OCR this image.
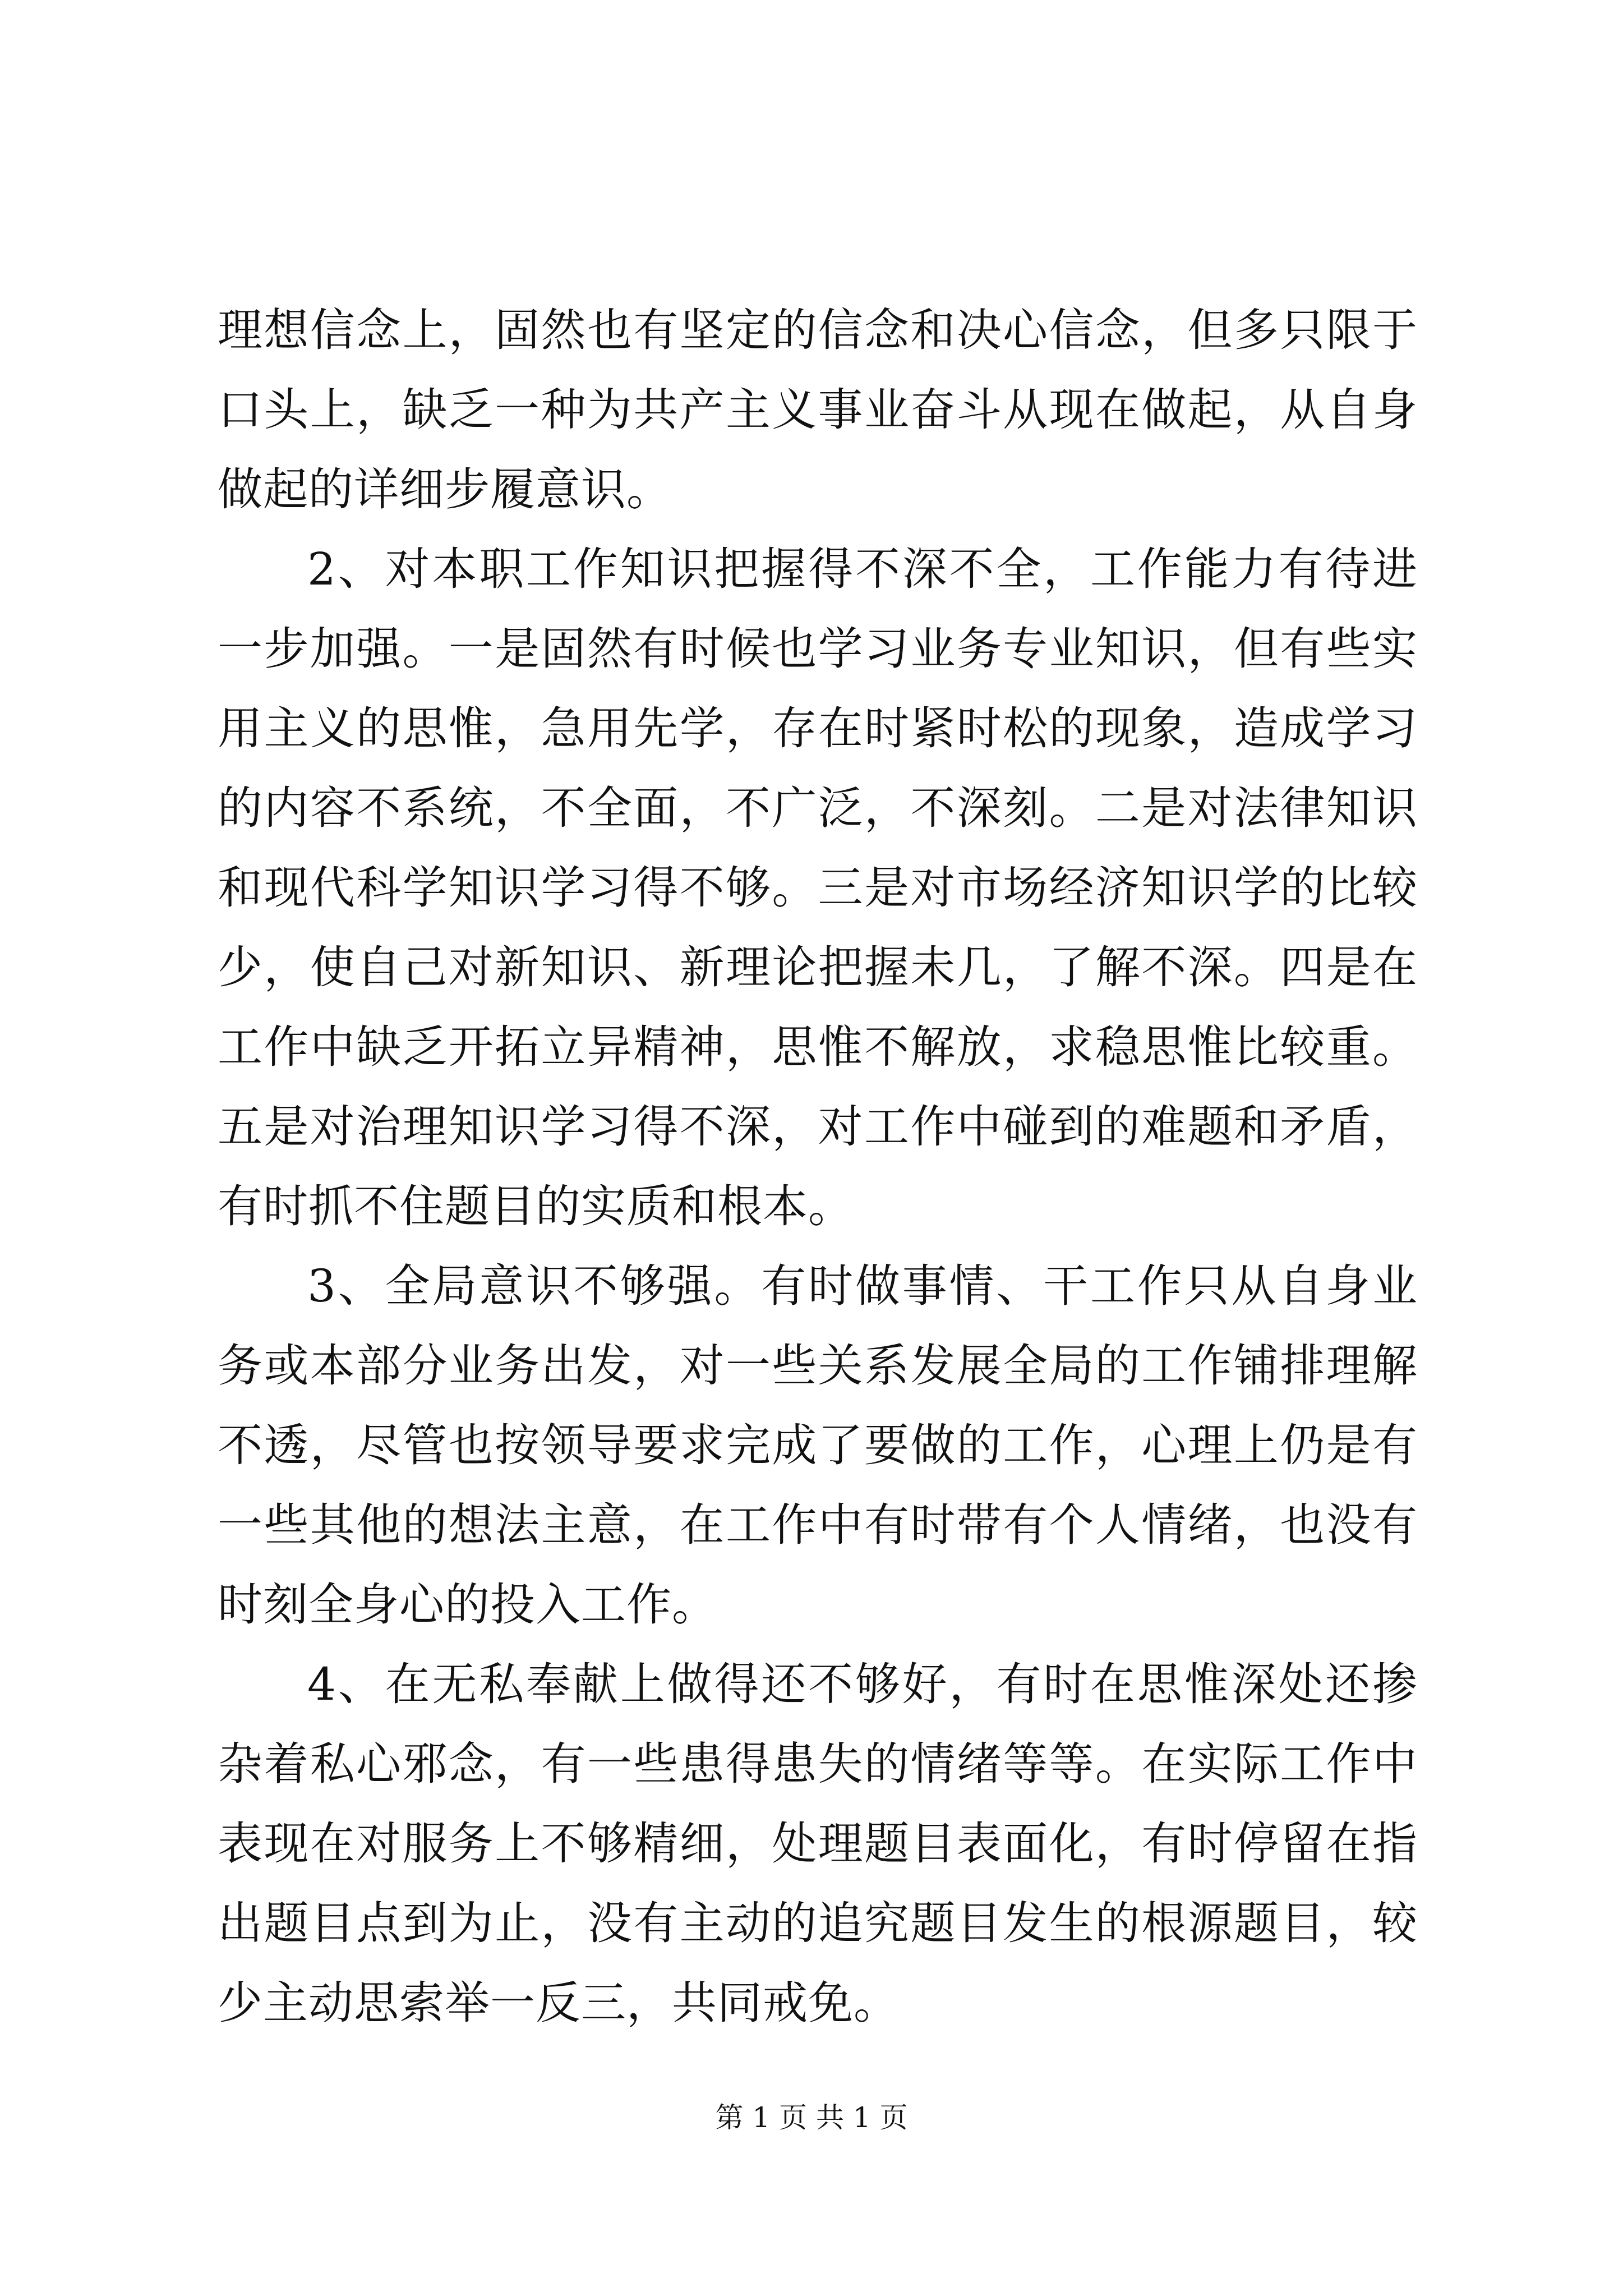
理想信念上，固然也有坚定的信念和决心信念，但多只限于口头上，缺乏一种为共产主义事业奋斗从现在做起，从自身做起的详细步履意识。

2、对本职工作知识把握得不深不全，工作能力有待进一步加强。一是固然有时候也学习业务专业知识，但有些实用主义的思惟，急用先学，存在时紧时松的现象，造成学习的内容不系统，不全面，不广泛，不深刻。二是对法律知识和现代科学知识学习得不够。三是对市场经济知识学的比较少，使自己对新知识、新理论把握未几，了解不深。四是在工作中缺乏开拓立异精神，思惟不解放，求稳思惟比较重。五是对治理知识学习得不深，对工作中碰到的难题和矛盾，有时抓不住题目的实质和根本。

3、全局意识不够强。有时做事情、干工作只从自身业务或本部分业务出发，对一些关系发展全局的工作铺排理解不透，尽管也按领导要求完成了要做的工作，心理上仍是有一些其他的想法主意，在工作中有时带有个人情绪，也没有时刻全身心的投入工作。

4、在无私奉献上做得还不够好，有时在思惟深处还掺杂着私心邪念，有一些患得患失的情绪等等。在实际工作中表现在对服务上不够精细，处理题目表面化，有时停留在指出题目点到为止，没有主动的追究题目发生的根源题目，较少主动思索举一反三，共同戒免。

第 1 页 共 1 页
